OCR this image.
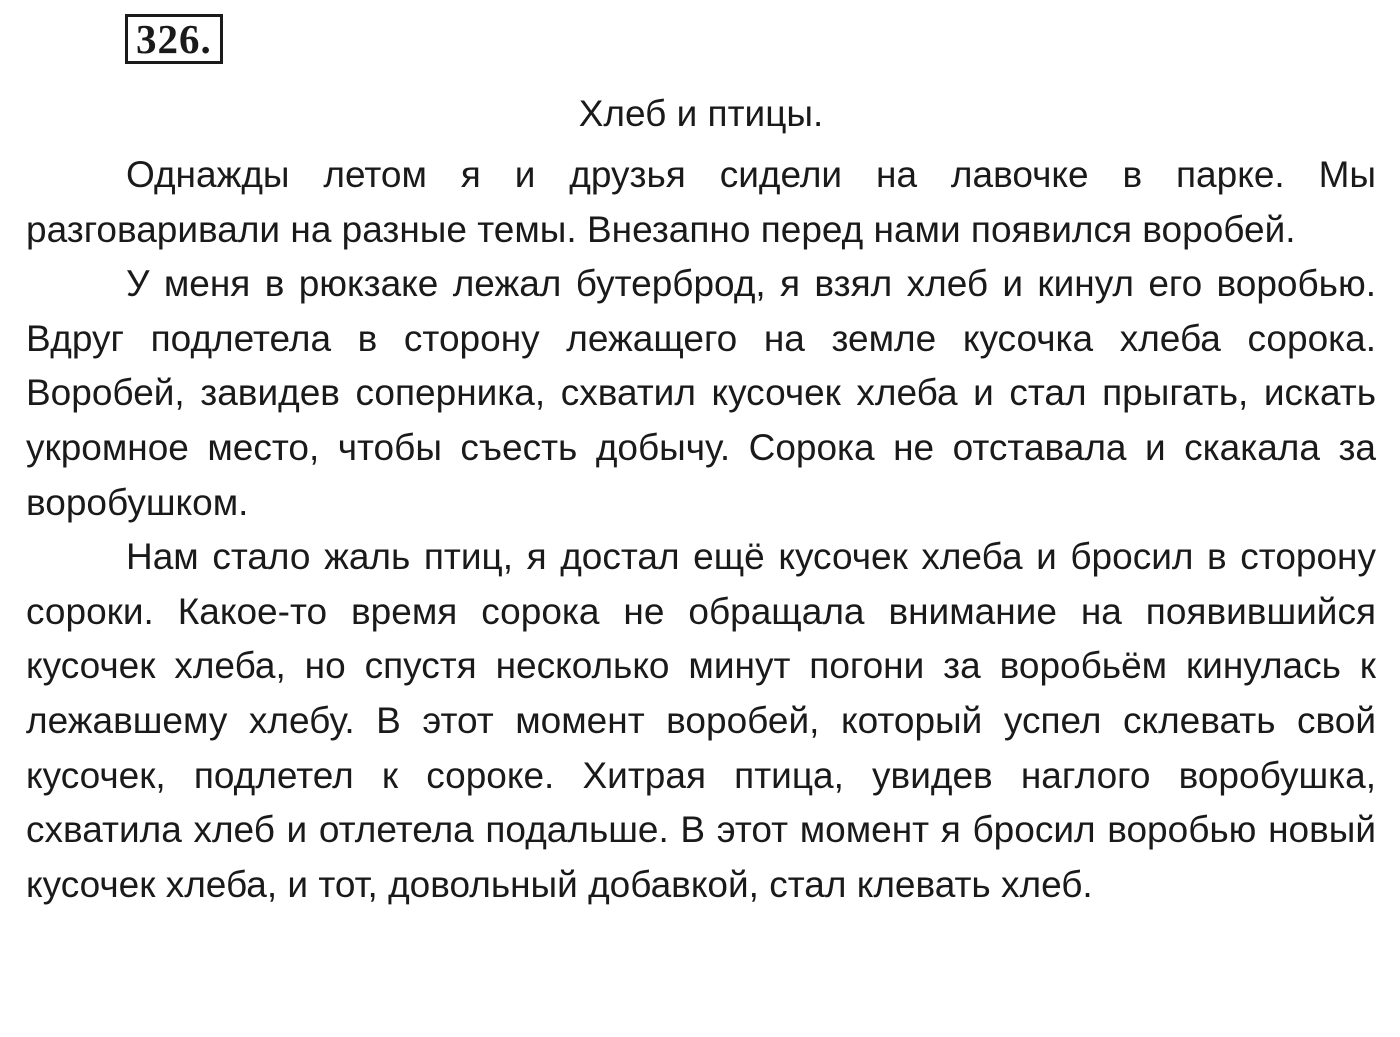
326.
Хлеб и птицы.

Однажды летом я и друзья сидели на лавочке в парке. Мы разговаривали на разные темы. Внезапно перед нами появился воробей.

У меня в рюкзаке лежал бутерброд, я взял хлеб и кинул его воробью. Вдруг подлетела в сторону лежащего на земле кусочка хлеба сорока. Воробей, завидев соперника, схватил кусочек хлеба и стал прыгать, искать укромное место, чтобы съесть добычу. Сорока не отставала и скакала за воробушком.

Нам стало жаль птиц, я достал ещё кусочек хлеба и бросил в сторону сороки. Какое-то время сорока не обращала внимание на появившийся кусочек хлеба, но спустя несколько минут погони за воробьём кинулась к лежавшему хлебу. В этот момент воробей, который успел склевать свой кусочек, подлетел к сороке. Хитрая птица, увидев наглого воробушка, схватила хлеб и отлетела подальше. В этот момент я бросил воробью новый кусочек хлеба, и тот, довольный добавкой, стал клевать хлеб.
